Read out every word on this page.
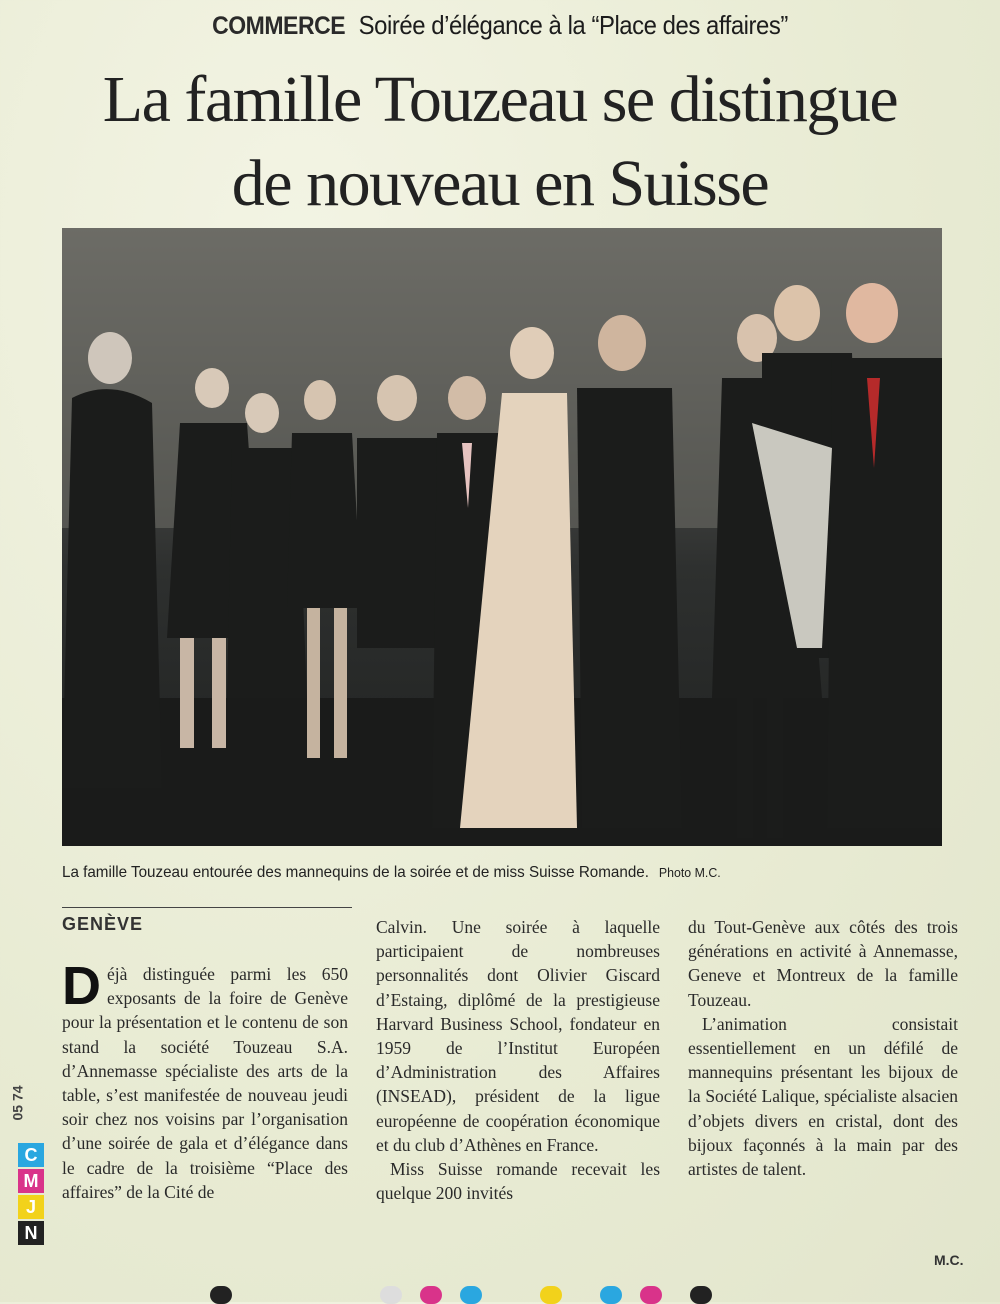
COMMERCE Soirée d’élégance à la “Place des affaires”
La famille Touzeau se distingue
de nouveau en Suisse
La famille Touzeau entourée des mannequins de la soirée et de miss Suisse Romande. Photo M.C.
GENÈVE

Déjà distinguée parmi les 650 exposants de la foire de Genève pour la présentation et le contenu de son stand la société Touzeau S.A. d’Annemasse spécialiste des arts de la table, s’est manifestée de nouveau jeudi soir chez nos voisins par l’organisation d’une soirée de gala et d’élégance dans le cadre de la troisième “Place des affaires” de la Cité de

Calvin. Une soirée à laquelle participaient de nombreuses personnalités dont Olivier Giscard d’Estaing, diplômé de la prestigieuse Harvard Business School, fondateur en 1959 de l’Institut Européen d’Administration des Affaires (INSEAD), président de la ligue européenne de coopération économique et du club d’Athènes en France.

Miss Suisse romande recevait les quelque 200 invités

du Tout-Genève aux côtés des trois générations en activité à Annemasse, Geneve et Montreux de la famille Touzeau.

L’animation consistait essentiellement en un défilé de mannequins présentant les bijoux de la Société Lalique, spécialiste alsacien d’objets divers en cristal, dont des bijoux façonnés à la main par des artistes de talent.

M.C.
05 74
C
M
J
N
